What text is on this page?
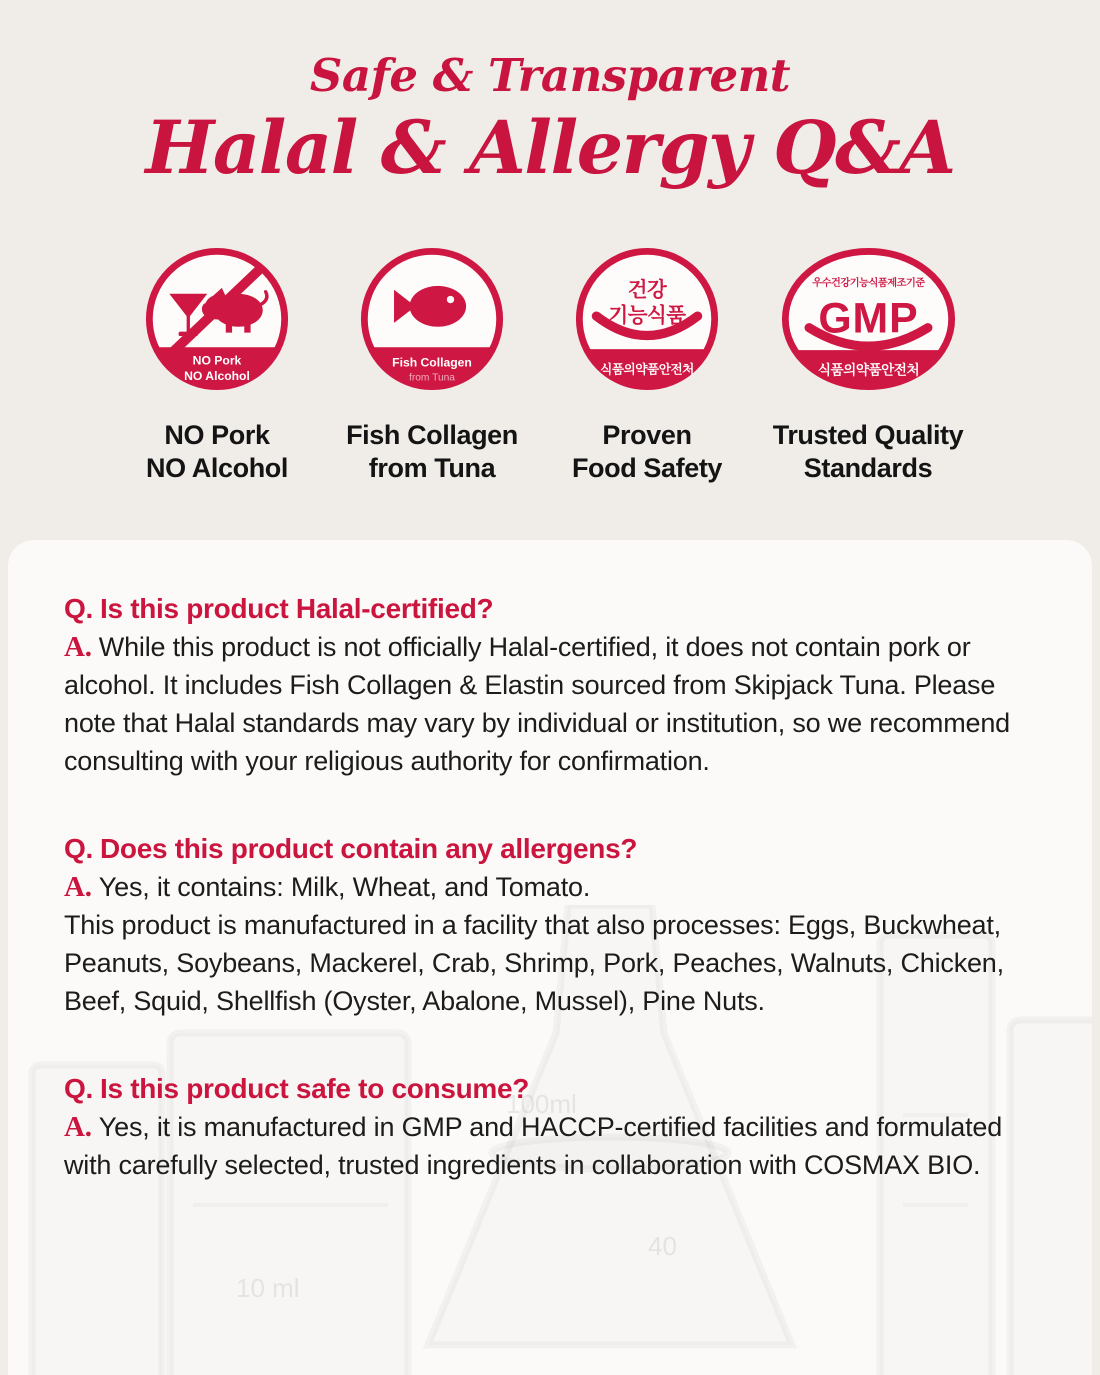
Safe & Transparent
Halal & Allergy Q&A
NO Pork
NO Alcohol
NO Pork
NO Alcohol
Fish Collagen
from Tuna
Fish Collagen
from Tuna
건강
기능식품
식품의약품안전처
Proven
Food Safety
우수건강기능식품제조기준
GMP
식품의약품안전처
Trusted Quality
Standards
100ml
40
10 ml
Q. Is this product Halal-certified?

A. While this product is not officially Halal-certified, it does not contain pork or alcohol. It includes Fish Collagen & Elastin sourced from Skipjack Tuna. Please note that Halal standards may vary by individual or institution, so we recommend consulting with your religious authority for confirmation.

Q. Does this product contain any allergens?

A. Yes, it contains: Milk, Wheat, and Tomato.

This product is manufactured in a facility that also processes: Eggs, Buckwheat, Peanuts, Soybeans, Mackerel, Crab, Shrimp, Pork, Peaches, Walnuts, Chicken, Beef, Squid, Shellfish (Oyster, Abalone, Mussel), Pine Nuts.

Q. Is this product safe to consume?

A. Yes, it is manufactured in GMP and HACCP-certified facilities and formulated with carefully selected, trusted ingredients in collaboration with COSMAX BIO.
